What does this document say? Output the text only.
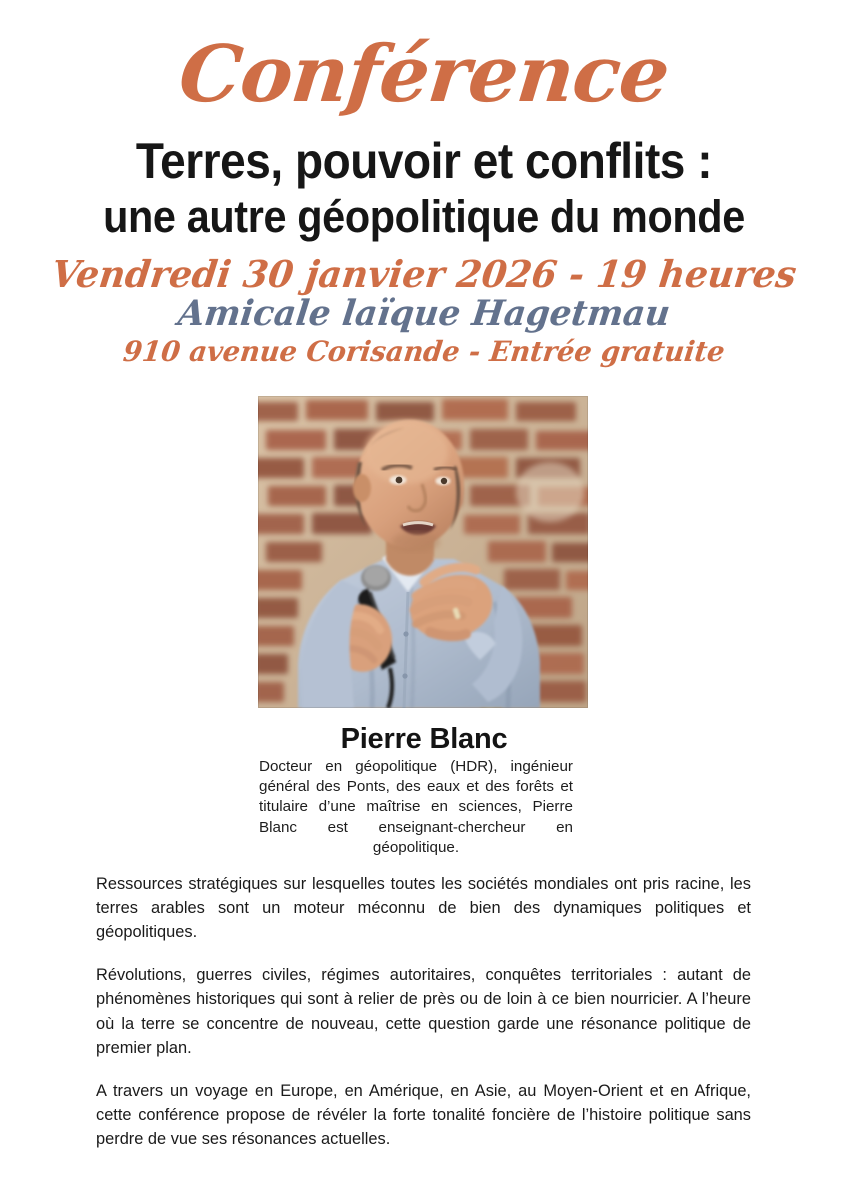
Conférence
Terres, pouvoir et conflits :
une autre géopolitique du monde
Vendredi 30 janvier 2026 - 19 heures
Amicale laïque Hagetmau
910 avenue Corisande - Entrée gratuite
Pierre Blanc
Docteur en géopolitique (HDR), ingénieur général des Ponts, des eaux et des forêts et titulaire d’une maîtrise en sciences, Pierre Blanc est enseignant-chercheur en géopolitique.

Ressources stratégiques sur lesquelles toutes les sociétés mondiales ont pris racine, les terres arables sont un moteur méconnu de bien des dynamiques politiques et géopolitiques.

Révolutions, guerres civiles, régimes autoritaires, conquêtes territoriales : autant de phénomènes historiques qui sont à relier de près ou de loin à ce bien nourricier. A l’heure où la terre se concentre de nouveau, cette question garde une résonance politique de premier plan.

A travers un voyage en Europe, en Amérique, en Asie, au Moyen-Orient et en Afrique, cette conférence propose de révéler la forte tonalité foncière de l’histoire politique sans perdre de vue ses résonances actuelles.
